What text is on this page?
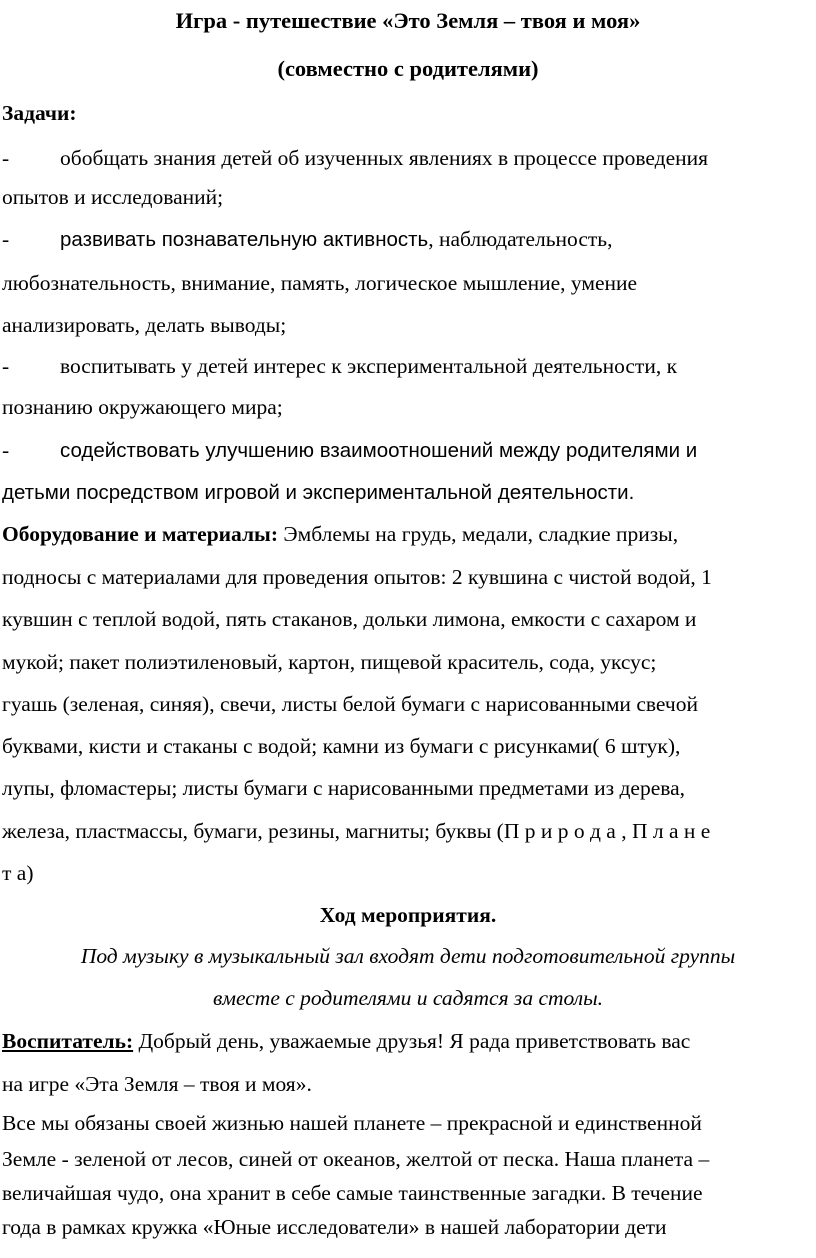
Игра - путешествие «Это Земля – твоя и моя»
(совместно с родителями)
Задачи:
- обобщать знания детей об изученных явлениях в процессе проведения
опытов и исследований;
- развивать познавательную активность, наблюдательность,
любознательность, внимание, память, логическое мышление, умение
анализировать, делать выводы;
- воспитывать у детей интерес к экспериментальной деятельности, к
познанию окружающего мира;
- содействовать улучшению взаимоотношений между родителями и
детьми посредством игровой и экспериментальной деятельности.
Оборудование и материалы: Эмблемы на грудь, медали, сладкие призы,
подносы с материалами для проведения опытов: 2 кувшина с чистой водой, 1
кувшин с теплой водой, пять стаканов, дольки лимона, емкости с сахаром и
мукой; пакет полиэтиленовый, картон, пищевой краситель, сода, уксус;
гуашь (зеленая, синяя), свечи, листы белой бумаги с нарисованными свечой
буквами, кисти и стаканы с водой; камни из бумаги с рисунками( 6 штук),
лупы, фломастеры; листы бумаги с нарисованными предметами из дерева,
железа, пластмассы, бумаги, резины, магниты; буквы (П р и р о д а , П л а н е
т а)
Ход мероприятия.
Под музыку в музыкальный зал входят дети подготовительной группы
вместе с родителями и садятся за столы.
Воспитатель: Добрый день, уважаемые друзья! Я рада приветствовать вас
на игре «Эта Земля – твоя и моя».
Все мы обязаны своей жизнью нашей планете – прекрасной и единственной
Земле - зеленой от лесов, синей от океанов, желтой от песка. Наша планета –
величайшая чудо, она хранит в себе самые таинственные загадки. В течение
года в рамках кружка «Юные исследователи» в нашей лаборатории дети
